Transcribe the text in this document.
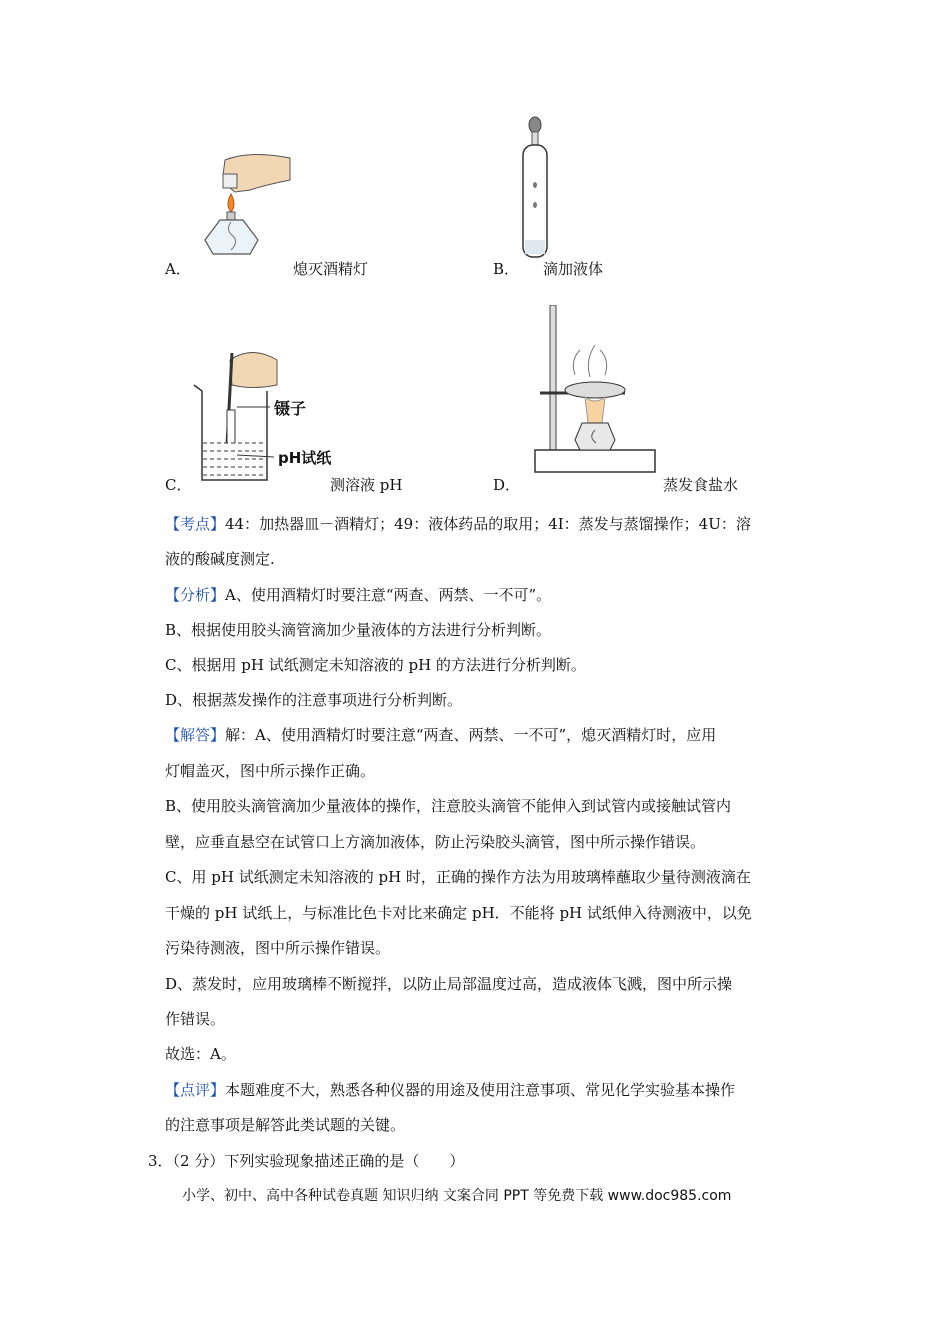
A．	熄灭酒精灯	B． 滴加液体
镊子
pH试纸
C．	测溶液 pH	D．	蒸发食盐水
【考点】44：加热器皿－酒精灯；49：液体药品的取用；4I：蒸发与蒸馏操作；4U：溶
液的酸碱度测定.
【分析】A、使用酒精灯时要注意“两查、两禁、一不可”。
B、根据使用胶头滴管滴加少量液体的方法进行分析判断。
C、根据用 pH 试纸测定未知溶液的 pH 的方法进行分析判断。
D、根据蒸发操作的注意事项进行分析判断。
【解答】解：A、使用酒精灯时要注意“两查、两禁、一不可”，熄灭酒精灯时，应用
灯帽盖灭，图中所示操作正确。
B、使用胶头滴管滴加少量液体的操作，注意胶头滴管不能伸入到试管内或接触试管内
壁，应垂直悬空在试管口上方滴加液体，防止污染胶头滴管，图中所示操作错误。
C、用 pH 试纸测定未知溶液的 pH 时，正确的操作方法为用玻璃棒蘸取少量待测液滴在
干燥的 pH 试纸上，与标准比色卡对比来确定 pH．不能将 pH 试纸伸入待测液中，以免
污染待测液，图中所示操作错误。
D、蒸发时，应用玻璃棒不断搅拌，以防止局部温度过高，造成液体飞溅，图中所示操
作错误。
故选：A。
【点评】本题难度不大，熟悉各种仪器的用途及使用注意事项、常见化学实验基本操作
的注意事项是解答此类试题的关键。
3．（2 分）下列实验现象描述正确的是（　　）
小学、初中、高中各种试卷真题 知识归纳 文案合同 PPT 等免费下载 www.doc985.com
